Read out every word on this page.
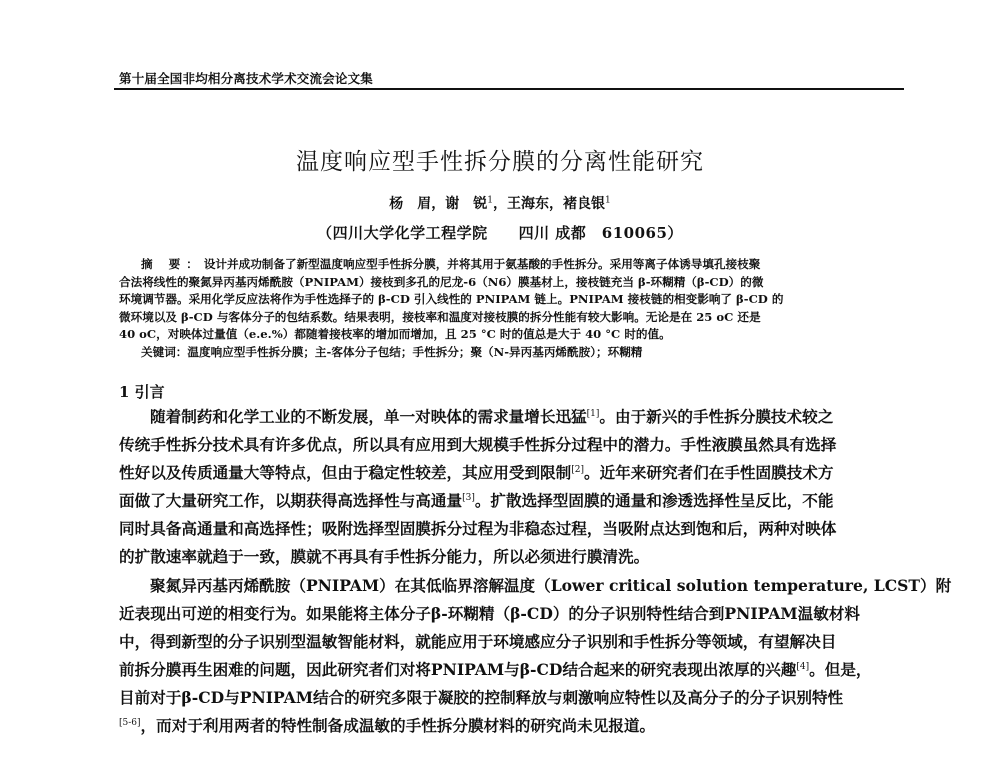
第十届全国非均相分离技术学术交流会论文集
温度响应型手性拆分膜的分离性能研究
杨　眉，谢　锐$^1$，王海东，褚良银$^1$
（四川大学化学工程学院　　四川 成都　610065）
摘 要：设计并成功制备了新型温度响应型手性拆分膜，并将其用于氨基酸的手性拆分。采用等离子体诱导填孔接枝聚
合法将线性的聚氮异丙基丙烯酰胺（PNIPAM）接枝到多孔的尼龙-6（N6）膜基材上，接枝链充当 β-环糊精（β-CD）的微
环境调节器。采用化学反应法将作为手性选择子的 β-CD 引入线性的 PNIPAM 链上。PNIPAM 接枝链的相变影响了 β-CD 的
微环境以及 β-CD 与客体分子的包结系数。结果表明，接枝率和温度对接枝膜的拆分性能有较大影响。无论是在 25 oC 还是
40 oC，对映体过量值（e.e.%）都随着接枝率的增加而增加，且 25 °C 时的值总是大于 40 °C 时的值。
关键词：温度响应型手性拆分膜；主-客体分子包结；手性拆分；聚（N-异丙基丙烯酰胺）；环糊精
1 引言
随着制药和化学工业的不断发展，单一对映体的需求量增长迅猛[1]。由于新兴的手性拆分膜技术较之
传统手性拆分技术具有许多优点，所以具有应用到大规模手性拆分过程中的潜力。手性液膜虽然具有选择
性好以及传质通量大等特点，但由于稳定性较差，其应用受到限制[2]。近年来研究者们在手性固膜技术方
面做了大量研究工作，以期获得高选择性与高通量[3]。扩散选择型固膜的通量和渗透选择性呈反比，不能
同时具备高通量和高选择性；吸附选择型固膜拆分过程为非稳态过程，当吸附点达到饱和后，两种对映体
的扩散速率就趋于一致，膜就不再具有手性拆分能力，所以必须进行膜清洗。
聚氮异丙基丙烯酰胺（PNIPAM）在其低临界溶解温度（Lower critical solution temperature, LCST）附
近表现出可逆的相变行为。如果能将主体分子β-环糊精（β-CD）的分子识别特性结合到PNIPAM温敏材料
中，得到新型的分子识别型温敏智能材料，就能应用于环境感应分子识别和手性拆分等领域，有望解决目
前拆分膜再生困难的问题，因此研究者们对将PNIPAM与β-CD结合起来的研究表现出浓厚的兴趣[4]。但是，
目前对于β-CD与PNIPAM结合的研究多限于凝胶的控制释放与刺激响应特性以及高分子的分子识别特性
[5-6]，而对于利用两者的特性制备成温敏的手性拆分膜材料的研究尚未见报道。
